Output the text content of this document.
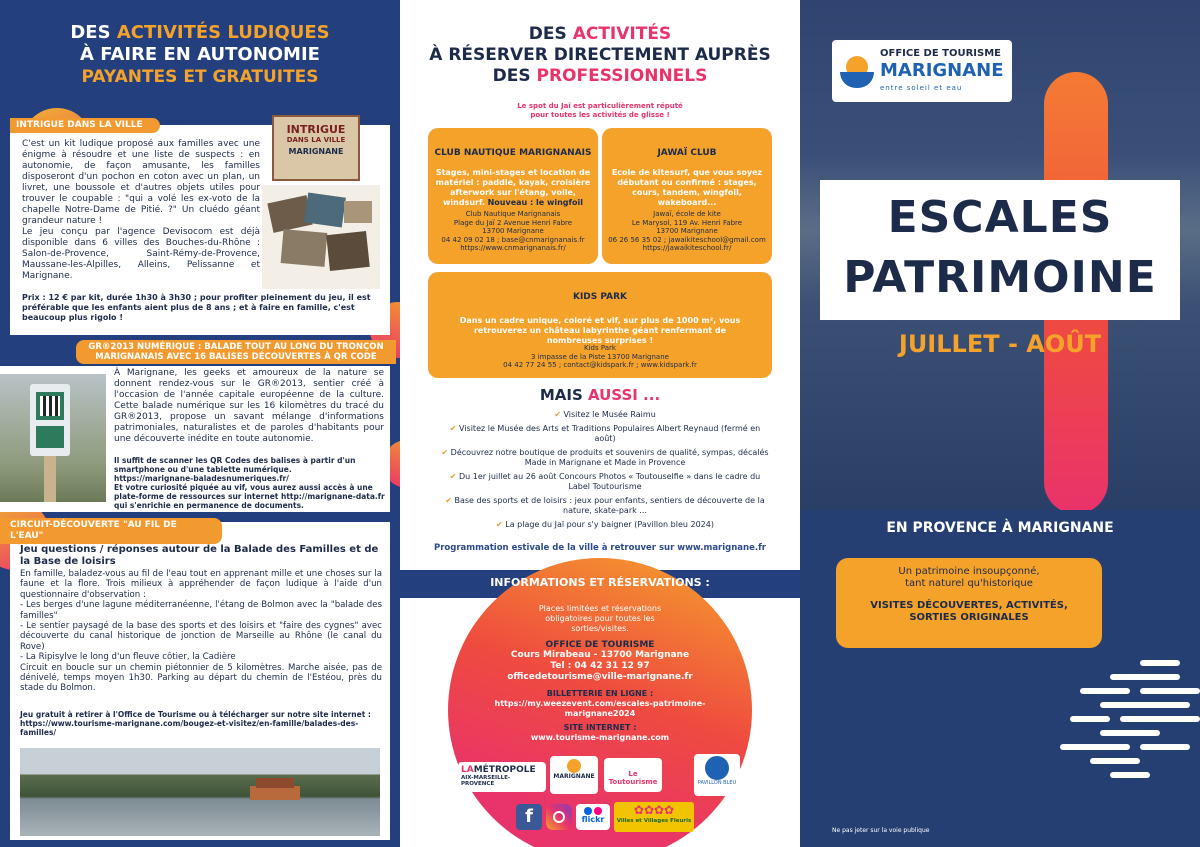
DES ACTIVITÉS LUDIQUES
À FAIRE EN AUTONOMIE
PAYANTES ET GRATUITES
INTRIGUE DANS LA VILLE
C'est un kit ludique proposé aux familles avec une énigme à résoudre et une liste de suspects : en autonomie, de façon amusante, les familles disposeront d'un pochon en coton avec un plan, un livret, une boussole et d'autres objets utiles pour trouver le coupable : "qui a volé les ex-voto de la chapelle Notre-Dame de Pitié. ?" Un cluédo géant grandeur nature !
Le jeu conçu par l'agence Devisocom est déjà disponible dans 6 villes des Bouches-du-Rhône : Salon-de-Provence, Saint-Rémy-de-Provence, Maussane-les-Alpilles, Alleins, Pelissanne et Marignane.
Prix : 12 € par kit, durée 1h30 à 3h30 ; pour profiter pleinement du jeu, il est préférable que les enfants aient plus de 8 ans ; et à faire en famille, c'est beaucoup plus rigolo !
INTRIGUE
DANS LA VILLE
MARIGNANE
GR®2013 NUMÉRIQUE : BALADE TOUT AU LONG DU TRONÇON
MARIGNANAIS AVEC 16 BALISES DÉCOUVERTES À QR CODE
À Marignane, les geeks et amoureux de la nature se donnent rendez-vous sur le GR®2013, sentier créé à l'occasion de l'année capitale européenne de la culture. Cette balade numérique sur les 16 kilomètres du tracé du GR®2013, propose un savant mélange d'informations patrimoniales, naturalistes et de paroles d'habitants pour une découverte inédite en toute autonomie.
Il suffit de scanner les QR Codes des balises à partir d'un smartphone ou d'une tablette numérique.
https://marignane-baladesnumeriques.fr/
Et votre curiosité piquée au vif, vous aurez aussi accès à une plate-forme de ressources sur internet http://marignane-data.fr qui s'enrichie en permanence de documents.
CIRCUIT-DÉCOUVERTE "AU FIL DE L'EAU"
Jeu questions / réponses autour de la Balade des Familles et de la Base de loisirs
En famille, baladez-vous au fil de l'eau tout en apprenant mille et une choses sur la faune et la flore. Trois milieux à appréhender de façon ludique à l'aide d'un questionnaire d'observation :
- Les berges d'une lagune méditerranéenne, l'étang de Bolmon avec la "balade des familles"
- Le sentier paysagé de la base des sports et des loisirs et "faire des cygnes" avec découverte du canal historique de jonction de Marseille au Rhône (le canal du Rove)
- La Ripisylve le long d'un fleuve côtier, la Cadière
Circuit en boucle sur un chemin piétonnier de 5 kilomètres. Marche aisée, pas de dénivelé, temps moyen 1h30. Parking au départ du chemin de l'Estéou, près du stade du Bolmon.
Jeu gratuit à retirer à l'Office de Tourisme ou à télécharger sur notre site internet : https://www.tourisme-marignane.com/bougez-et-visitez/en-famille/balades-des-familles/
DES ACTIVITÉS
À RÉSERVER DIRECTEMENT AUPRÈS
DES PROFESSIONNELS
Le spot du Jaï est particulièrement réputé pour toutes les activités de glisse !
CLUB NAUTIQUE MARIGNANAIS
Stages, mini-stages et location de matériel : paddle, kayak, croisière afterwork sur l'étang, voile, windsurf. Nouveau : le wingfoil
Club Nautique Marignanais
Plage du Jaï 2 Avenue Henri Fabre
13700 Marignane
04 42 09 02 18 ; base@cnmarignanais.fr
https://www.cnmarignanais.fr/
JAWAÏ CLUB
Ecole de kitesurf, que vous soyez débutant ou confirmé : stages, cours, tandem, wingfoil, wakeboard...
Jawaï, école de kite
Le Marysol, 119 Av. Henri Fabre
13700 Marignane
06 26 56 35 02 ; jawaikiteschool@gmail.com
https://jawaikiteschool.fr/
KIDS PARK
Dans un cadre unique, coloré et vif, sur plus de 1000 m², vous retrouverez un château labyrinthe géant renfermant de nombreuses surprises !
Kids Park
3 impasse de la Piste 13700 Marignane
04 42 77 24 55 ; contact@kidspark.fr ; www.kidspark.fr
MAIS AUSSI ...
✔ Visitez le Musée Raimu
✔ Visitez le Musée des Arts et Traditions Populaires Albert Reynaud (fermé en août)
✔ Découvrez notre boutique de produits et souvenirs de qualité, sympas, décalés Made in Marignane et Made in Provence
✔ Du 1er juillet au 26 août Concours Photos « Toutouselfie » dans le cadre du Label Toutourisme
✔ Base des sports et de loisirs : jeux pour enfants, sentiers de découverte de la nature, skate-park ...
✔ La plage du Jaï pour s'y baigner (Pavillon bleu 2024)
Programmation estivale de la ville à retrouver sur www.marignane.fr
INFORMATIONS ET RÉSERVATIONS :
Places limitées et réservations obligatoires pour toutes les sorties/visites.
OFFICE DE TOURISME
Cours Mirabeau - 13700 Marignane
Tel : 04 42 31 12 97
officedetourisme@ville-marignane.fr
BILLETTERIE EN LIGNE :
https://my.weezevent.com/escales-patrimoine-marignane2024
SITE INTERNET :
www.tourisme-marignane.com
LAMÉTROPOLE
AIX-MARSEILLE-PROVENCE
MARIGNANE	Le Toutourisme	PAVILLON BLEU
f	flickr
✿✿✿✿
Villes et Villages Fleuris
OFFICE DE TOURISME
MARIGNANE
entre soleil et eau
ESCALES
PATRIMOINE
JUILLET - AOÛT
EN PROVENCE À MARIGNANE
Un patrimoine insoupçonné, tant naturel qu'historique
VISITES DÉCOUVERTES, ACTIVITÉS, SORTIES ORIGINALES
Ne pas jeter sur la voie publique
